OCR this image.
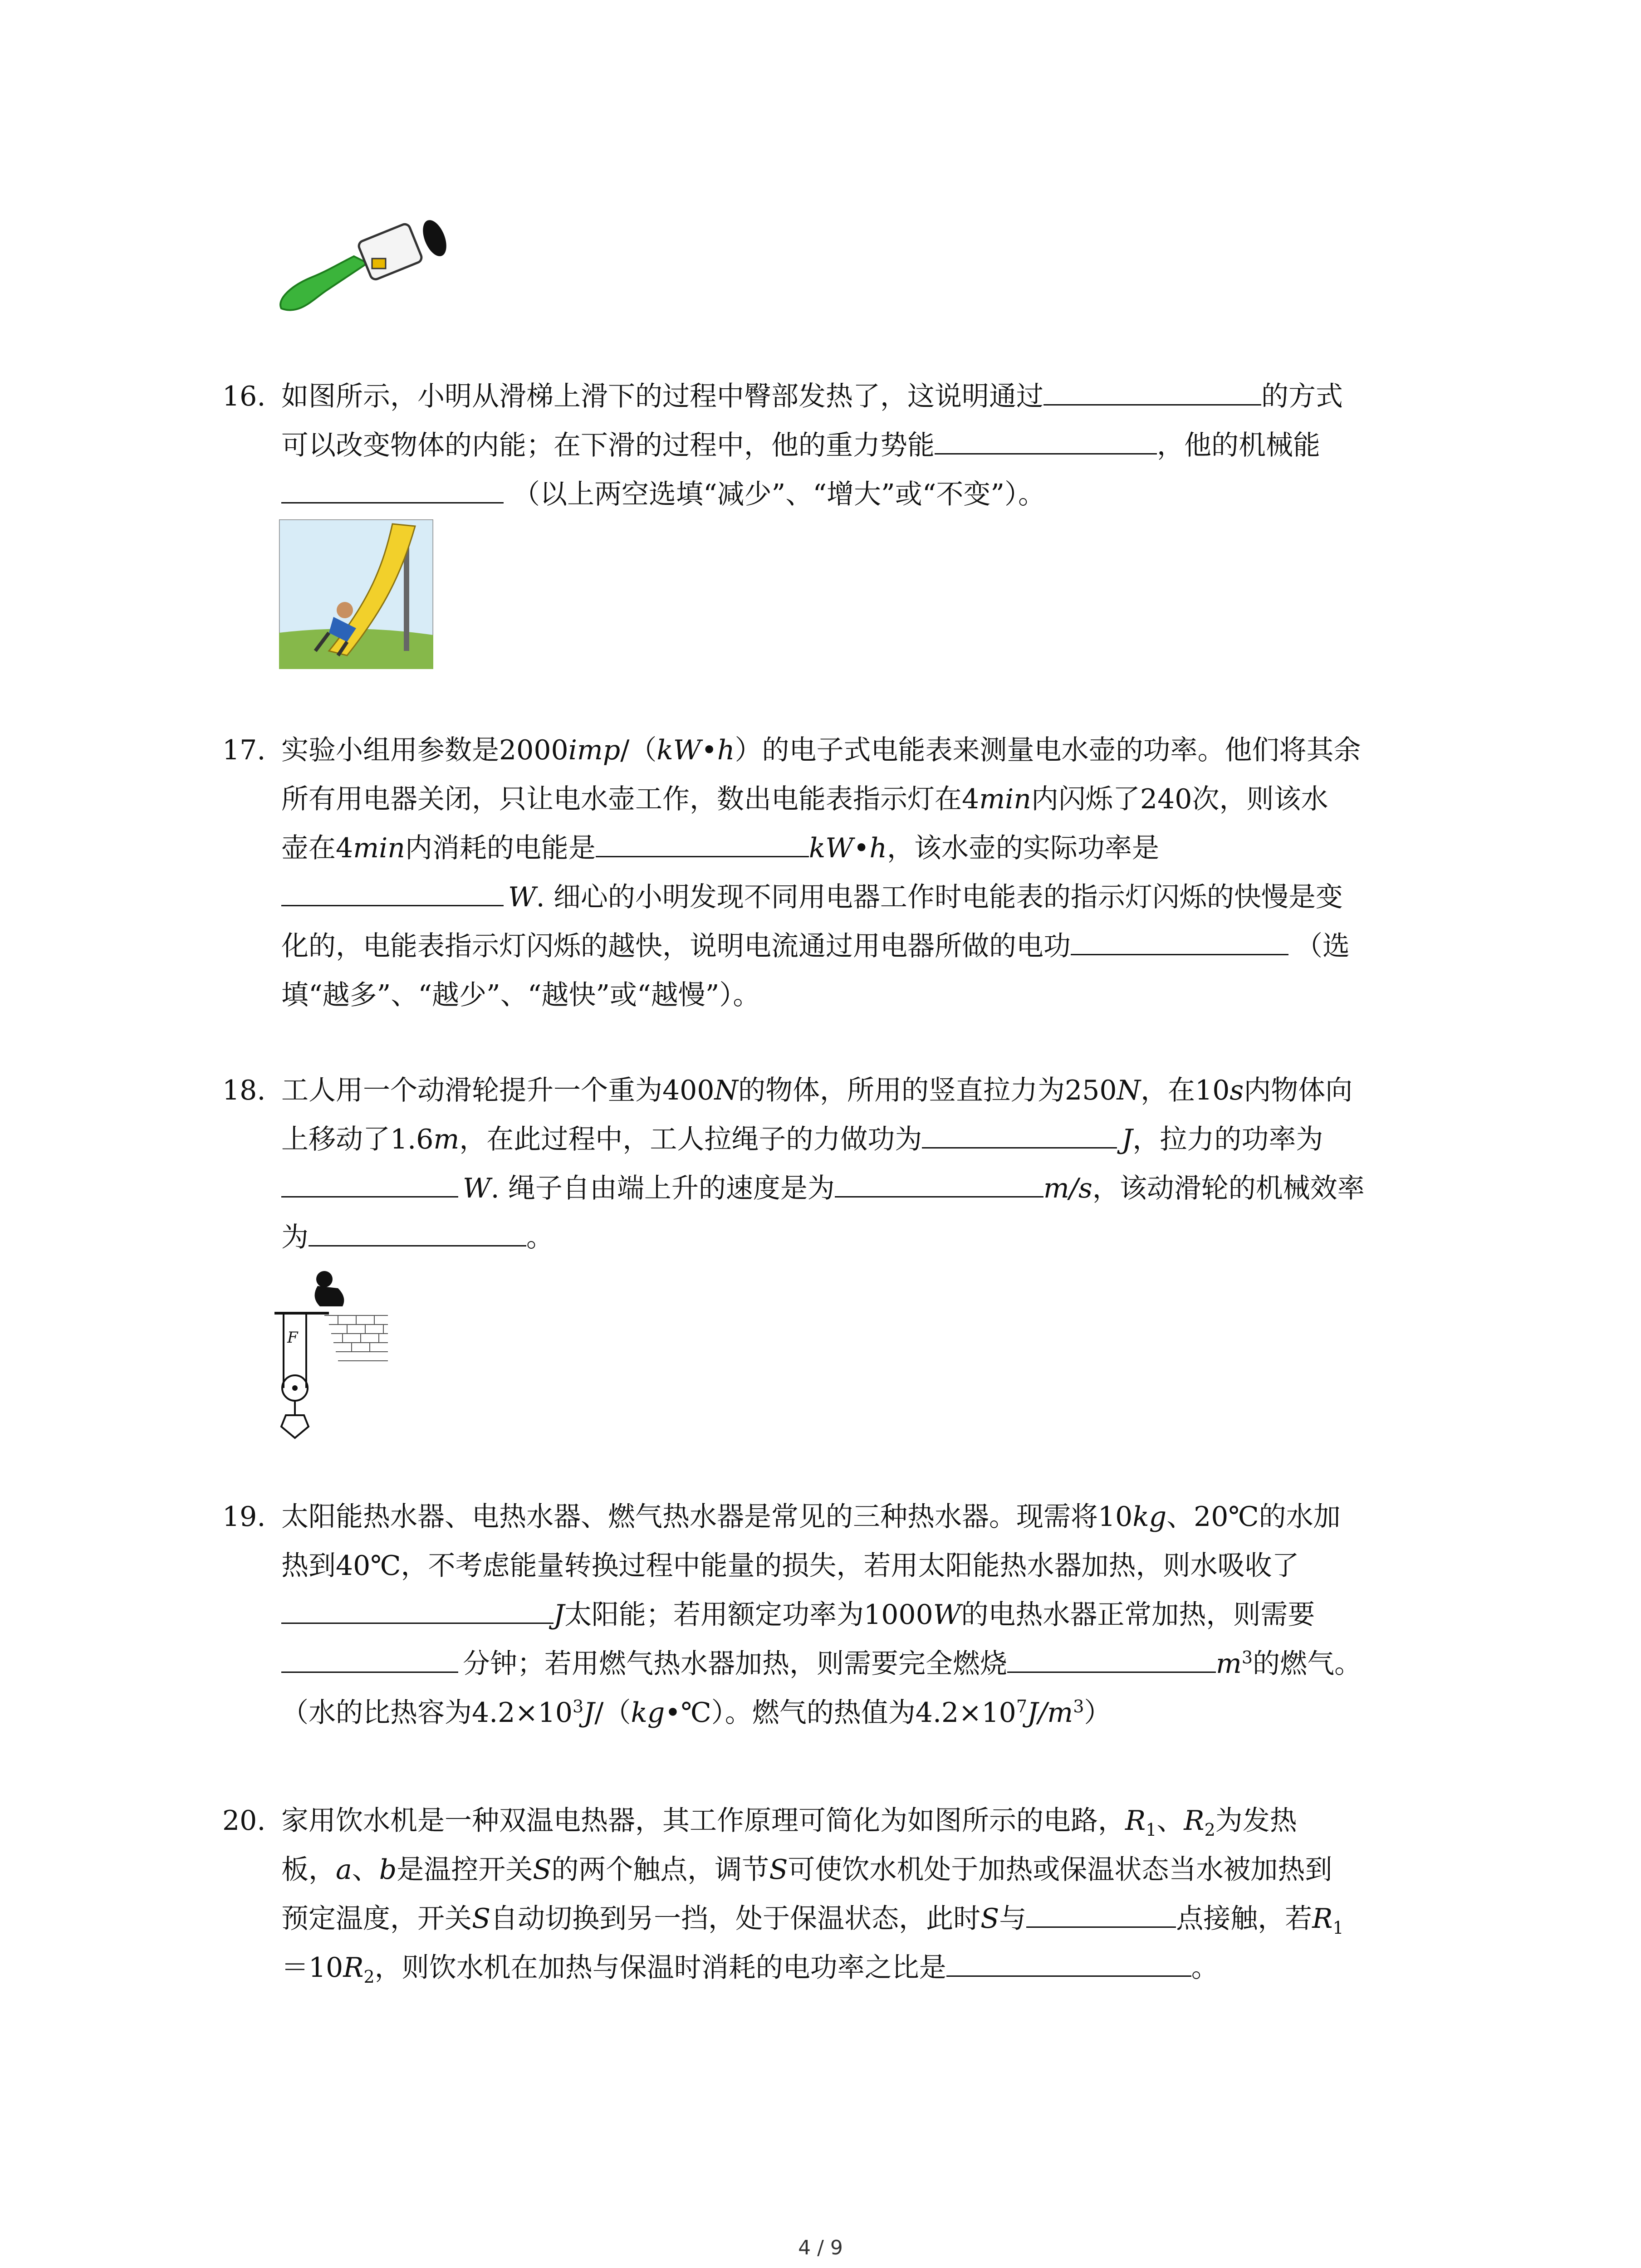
16. 如图所示，小明从滑梯上滑下的过程中臀部发热了，这说明通过	的方式
可以改变物体的内能；在下滑的过程中，他的重力势能	，他的机械能
（以上两空选填“减少”、“增大”或“不变”）。
17. 实验小组用参数是2000imp/（kW•h）的电子式电能表来测量电水壶的功率。他们将其余
所有用电器关闭，只让电水壶工作，数出电能表指示灯在4min内闪烁了240次，则该水
壶在4min内消耗的电能是	kW•h，该水壶的实际功率是
W. 细心的小明发现不同用电器工作时电能表的指示灯闪烁的快慢是变
化的，电能表指示灯闪烁的越快，说明电流通过用电器所做的电功	（选
填“越多”、“越少”、“越快”或“越慢”）。
18. 工人用一个动滑轮提升一个重为400N的物体，所用的竖直拉力为250N，在10s内物体向
上移动了1.6m，在此过程中，工人拉绳子的力做功为	J，拉力的功率为
W. 绳子自由端上升的速度是为	m/s，该动滑轮的机械效率
为	。
F
19. 太阳能热水器、电热水器、燃气热水器是常见的三种热水器。现需将10kg、20℃的水加
热到40℃，不考虑能量转换过程中能量的损失，若用太阳能热水器加热，则水吸收了
J太阳能；若用额定功率为1000W的电热水器正常加热，则需要
分钟；若用燃气热水器加热，则需要完全燃烧	$m^3$的燃气。
（水的比热容为$4.2\times 10^3J/(kg•℃)$。燃气的热值为$4.2\times 10^7J/m^3$）
20. 家用饮水机是一种双温电热器，其工作原理可简化为如图所示的电路，$R_1$、$R_2$为发热
板，a、b是温控开关S的两个触点，调节S可使饮水机处于加热或保温状态当水被加热到
预定温度，开关S自动切换到另一挡，处于保温状态，此时S与	点接触，若$R_1$
$=10R_2$，则饮水机在加热与保温时消耗的电功率之比是	。
4 / 9
